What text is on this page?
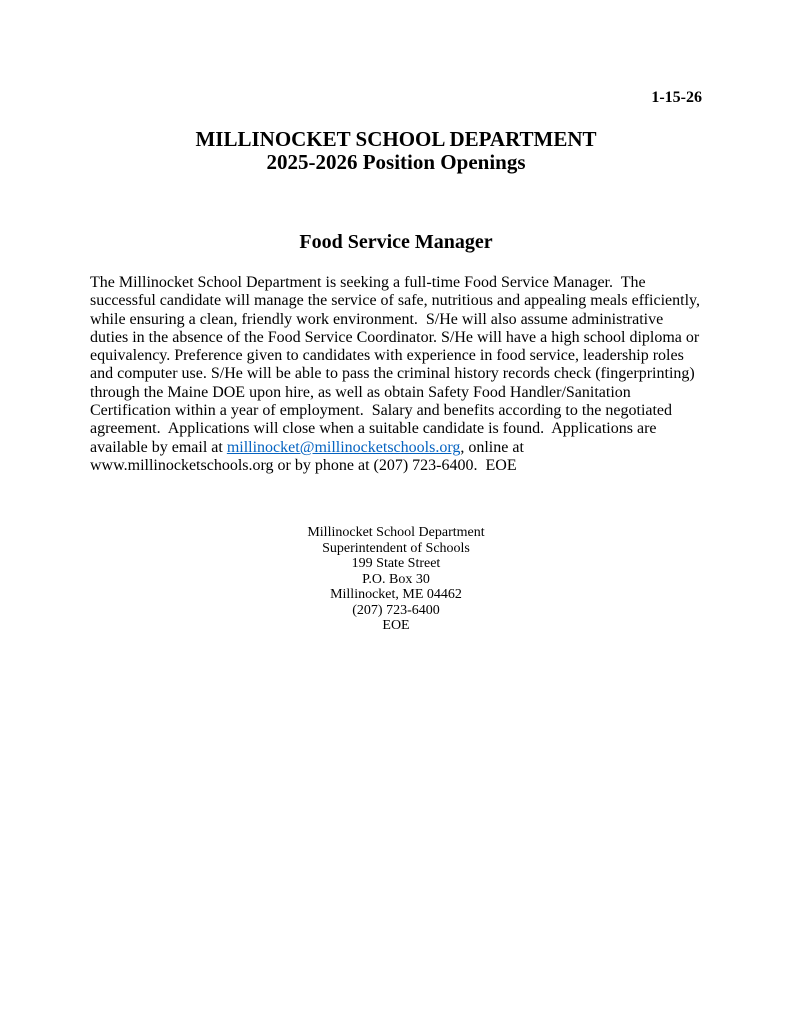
1-15-26
MILLINOCKET SCHOOL DEPARTMENT
2025-2026 Position Openings
Food Service Manager

The Millinocket School Department is seeking a full-time Food Service Manager.  The successful candidate will manage the service of safe, nutritious and appealing meals efficiently, while ensuring a clean, friendly work environment.  S/He will also assume administrative duties in the absence of the Food Service Coordinator. S/He will have a high school diploma or equivalency. Preference given to candidates with experience in food service, leadership roles and computer use. S/He will be able to pass the criminal history records check (fingerprinting) through the Maine DOE upon hire, as well as obtain Safety Food Handler/Sanitation Certification within a year of employment.  Salary and benefits according to the negotiated agreement.  Applications will close when a suitable candidate is found.  Applications are available by email at millinocket@millinocketschools.org, online at www.millinocketschools.org or by phone at (207) 723-6400.  EOE

Millinocket School Department
Superintendent of Schools
199 State Street
P.O. Box 30
Millinocket, ME 04462
(207) 723-6400
EOE
